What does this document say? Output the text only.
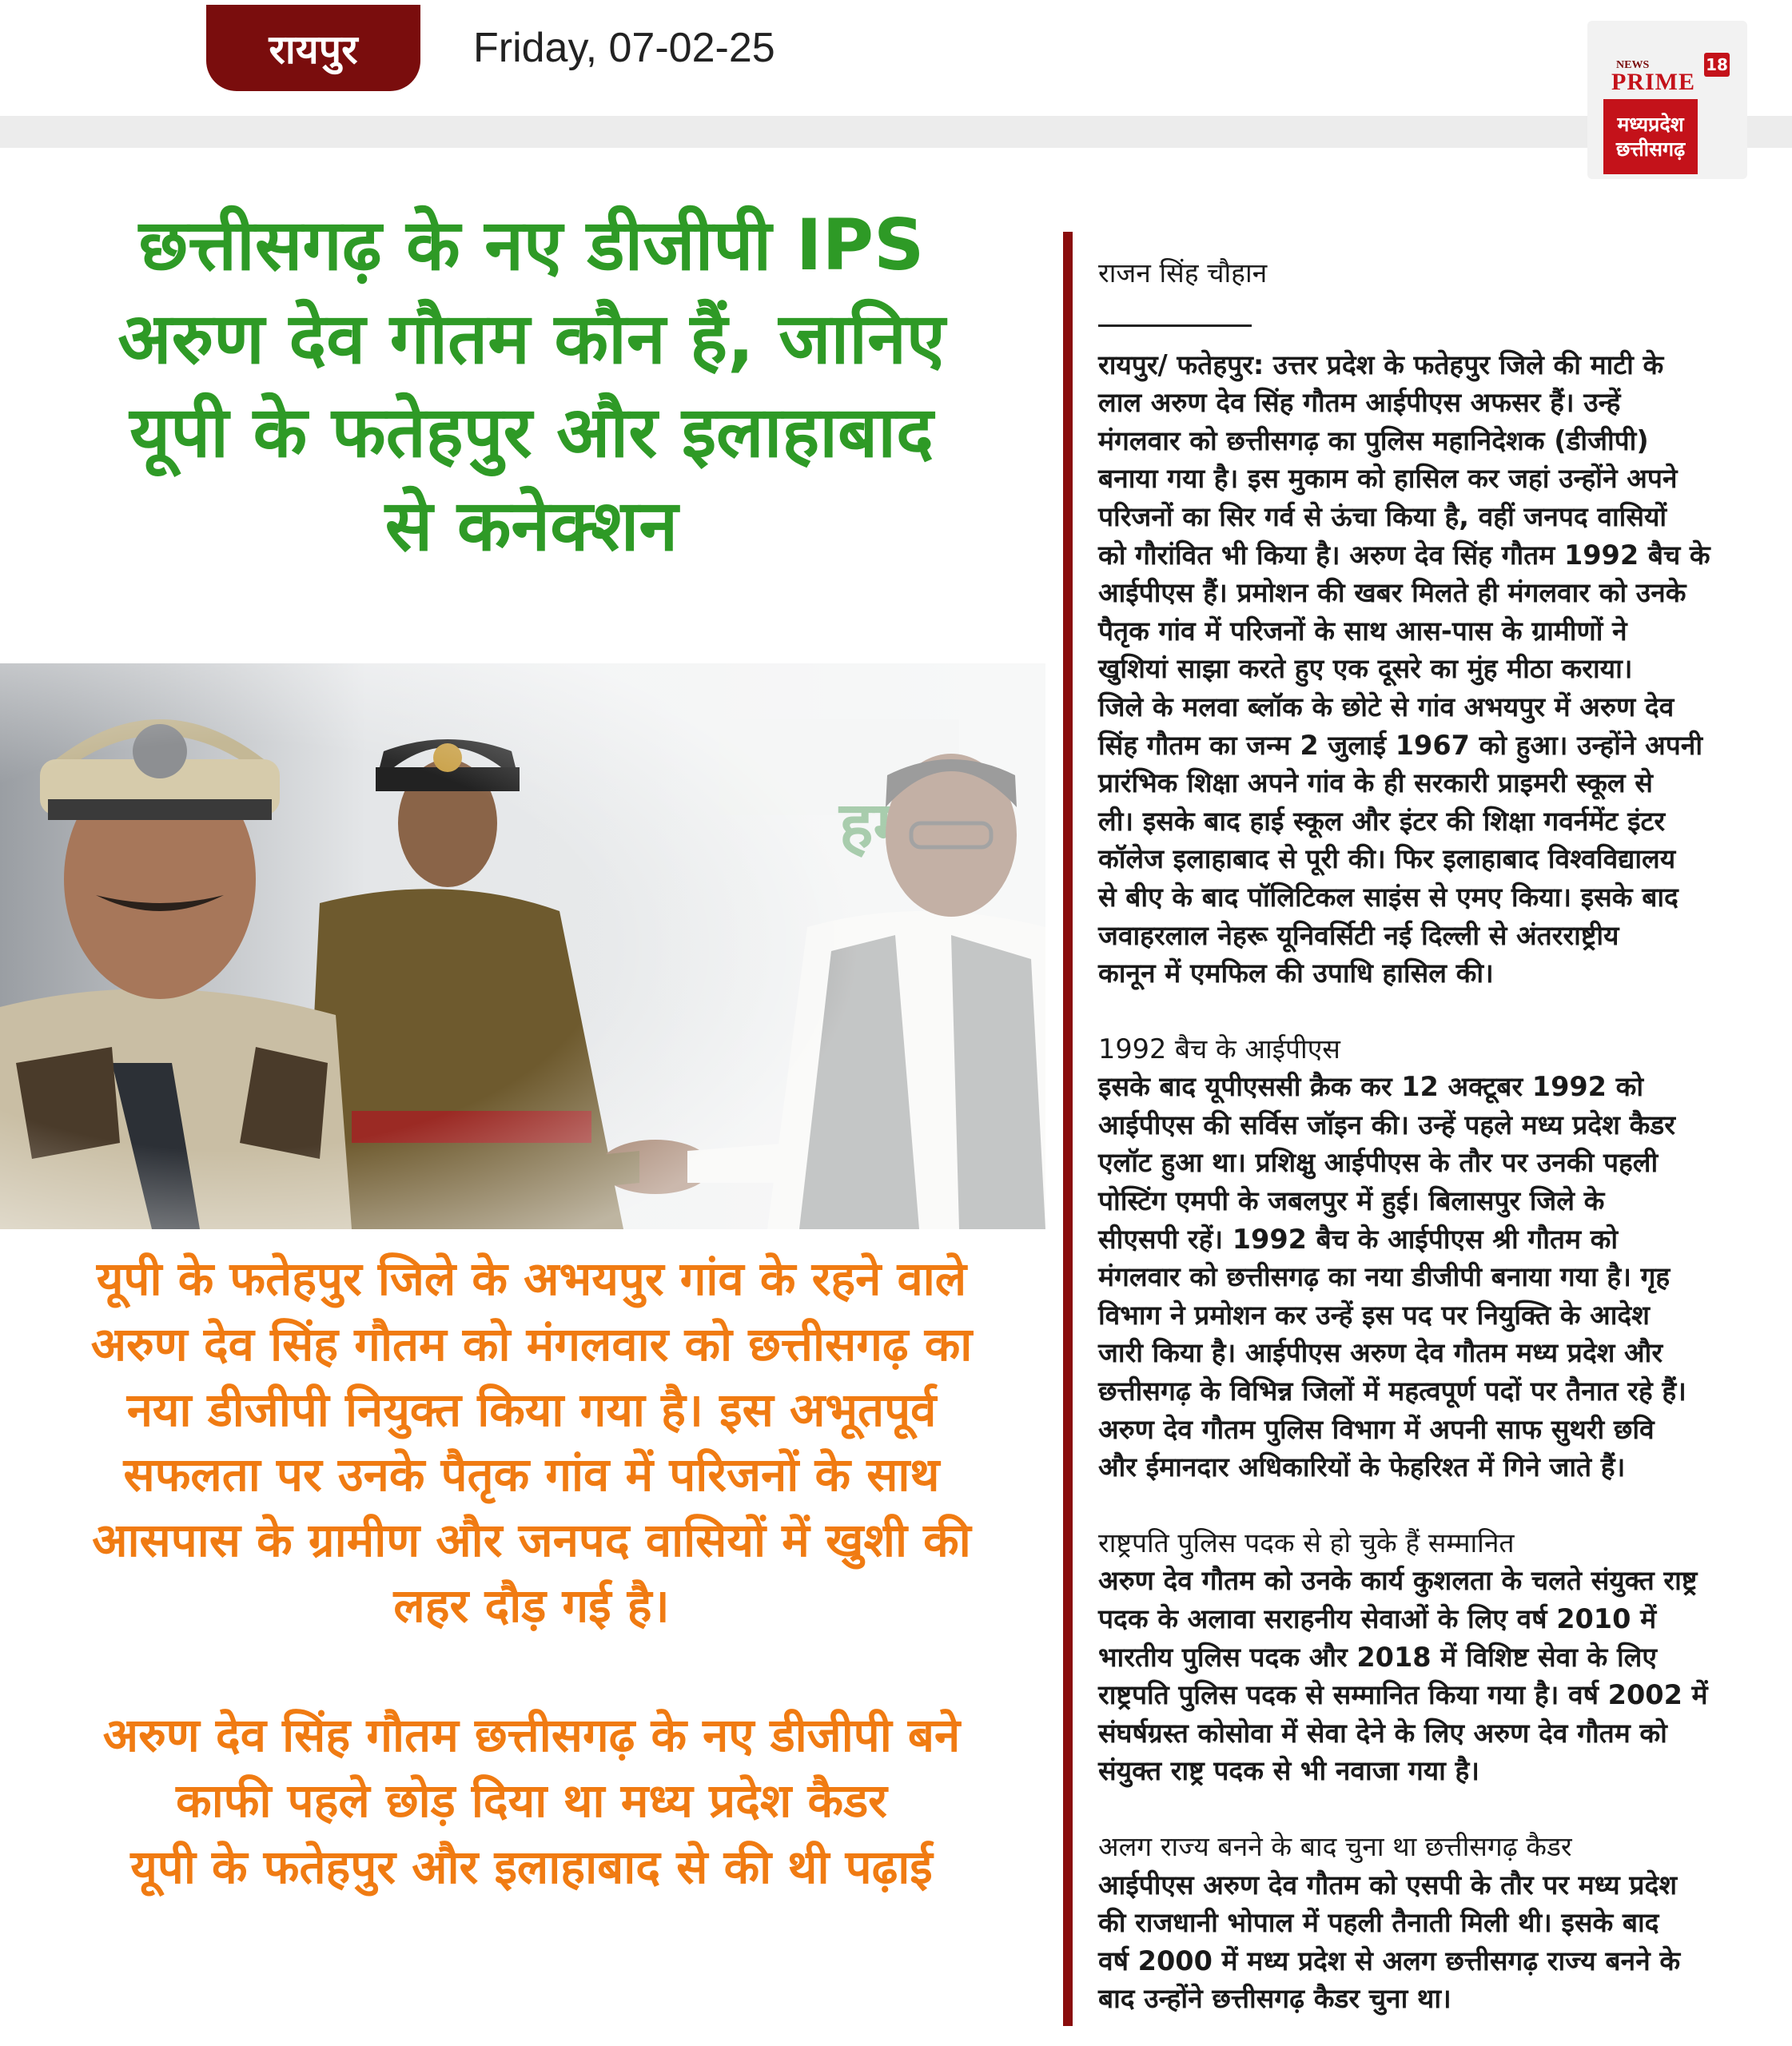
रायपुर	Friday, 07-02-25	NEWS
PRIME
18
मध्यप्रदेश
छत्तीसगढ़
छत्तीसगढ़ के नए डीजीपी IPS
अरुण देव गौतम कौन हैं, जानिए
यूपी के फतेहपुर और इलाहाबाद
से कनेक्शन
यूपी के फतेहपुर जिले के अभयपुर गांव के रहने वाले
अरुण देव सिंह गौतम को मंगलवार को छत्तीसगढ़ का
नया डीजीपी नियुक्त किया गया है। इस अभूतपूर्व
सफलता पर उनके पैतृक गांव में परिजनों के साथ
आसपास के ग्रामीण और जनपद वासियों में खुशी की
लहर दौड़ गई है।
अरुण देव सिंह गौतम छत्तीसगढ़ के नए डीजीपी बने
काफी पहले छोड़ दिया था मध्य प्रदेश कैडर
यूपी के फतेहपुर और इलाहाबाद से की थी पढ़ाई

राजन सिंह चौहान

रायपुर/ फतेहपुर: उत्तर प्रदेश के फतेहपुर जिले की माटी के
लाल अरुण देव सिंह गौतम आईपीएस अफसर हैं। उन्हें
मंगलवार को छत्तीसगढ़ का पुलिस महानिदेशक (डीजीपी)
बनाया गया है। इस मुकाम को हासिल कर जहां उन्होंने अपने
परिजनों का सिर गर्व से ऊंचा किया है, वहीं जनपद वासियों
को गौरांवित भी किया है। अरुण देव सिंह गौतम 1992 बैच के
आईपीएस हैं। प्रमोशन की खबर मिलते ही मंगलवार को उनके
पैतृक गांव में परिजनों के साथ आस-पास के ग्रामीणों ने
खुशियां साझा करते हुए एक दूसरे का मुंह मीठा कराया।
जिले के मलवा ब्लॉक के छोटे से गांव अभयपुर में अरुण देव
सिंह गौतम का जन्म 2 जुलाई 1967 को हुआ। उन्होंने अपनी
प्रारंभिक शिक्षा अपने गांव के ही सरकारी प्राइमरी स्कूल से
ली। इसके बाद हाई स्कूल और इंटर की शिक्षा गवर्नमेंट इंटर
कॉलेज इलाहाबाद से पूरी की। फिर इलाहाबाद विश्वविद्यालय
से बीए के बाद पॉलिटिकल साइंस से एमए किया। इसके बाद
जवाहरलाल नेहरू यूनिवर्सिटी नई दिल्ली से अंतरराष्ट्रीय
कानून में एमफिल की उपाधि हासिल की।

1992 बैच के आईपीएस

इसके बाद यूपीएससी क्रैक कर 12 अक्टूबर 1992 को
आईपीएस की सर्विस जॉइन की। उन्हें पहले मध्य प्रदेश कैडर
एलॉट हुआ था। प्रशिक्षु आईपीएस के तौर पर उनकी पहली
पोस्टिंग एमपी के जबलपुर में हुई। बिलासपुर जिले के
सीएसपी रहें। 1992 बैच के आईपीएस श्री गौतम को
मंगलवार को छत्तीसगढ़ का नया डीजीपी बनाया गया है। गृह
विभाग ने प्रमोशन कर उन्हें इस पद पर नियुक्ति के आदेश
जारी किया है। आईपीएस अरुण देव गौतम मध्य प्रदेश और
छत्तीसगढ़ के विभिन्न जिलों में महत्वपूर्ण पदों पर तैनात रहे हैं।
अरुण देव गौतम पुलिस विभाग में अपनी साफ सुथरी छवि
और ईमानदार अधिकारियों के फेहरिश्त में गिने जाते हैं।

राष्ट्रपति पुलिस पदक से हो चुके हैं सम्मानित

अरुण देव गौतम को उनके कार्य कुशलता के चलते संयुक्त राष्ट्र
पदक के अलावा सराहनीय सेवाओं के लिए वर्ष 2010 में
भारतीय पुलिस पदक और 2018 में विशिष्ट सेवा के लिए
राष्ट्रपति पुलिस पदक से सम्मानित किया गया है। वर्ष 2002 में
संघर्षग्रस्त कोसोवा में सेवा देने के लिए अरुण देव गौतम को
संयुक्त राष्ट्र पदक से भी नवाजा गया है।

अलग राज्य बनने के बाद चुना था छत्तीसगढ़ कैडर

आईपीएस अरुण देव गौतम को एसपी के तौर पर मध्य प्रदेश
की राजधानी भोपाल में पहली तैनाती मिली थी। इसके बाद
वर्ष 2000 में मध्य प्रदेश से अलग छत्तीसगढ़ राज्य बनने के
बाद उन्होंने छत्तीसगढ़ कैडर चुना था।
